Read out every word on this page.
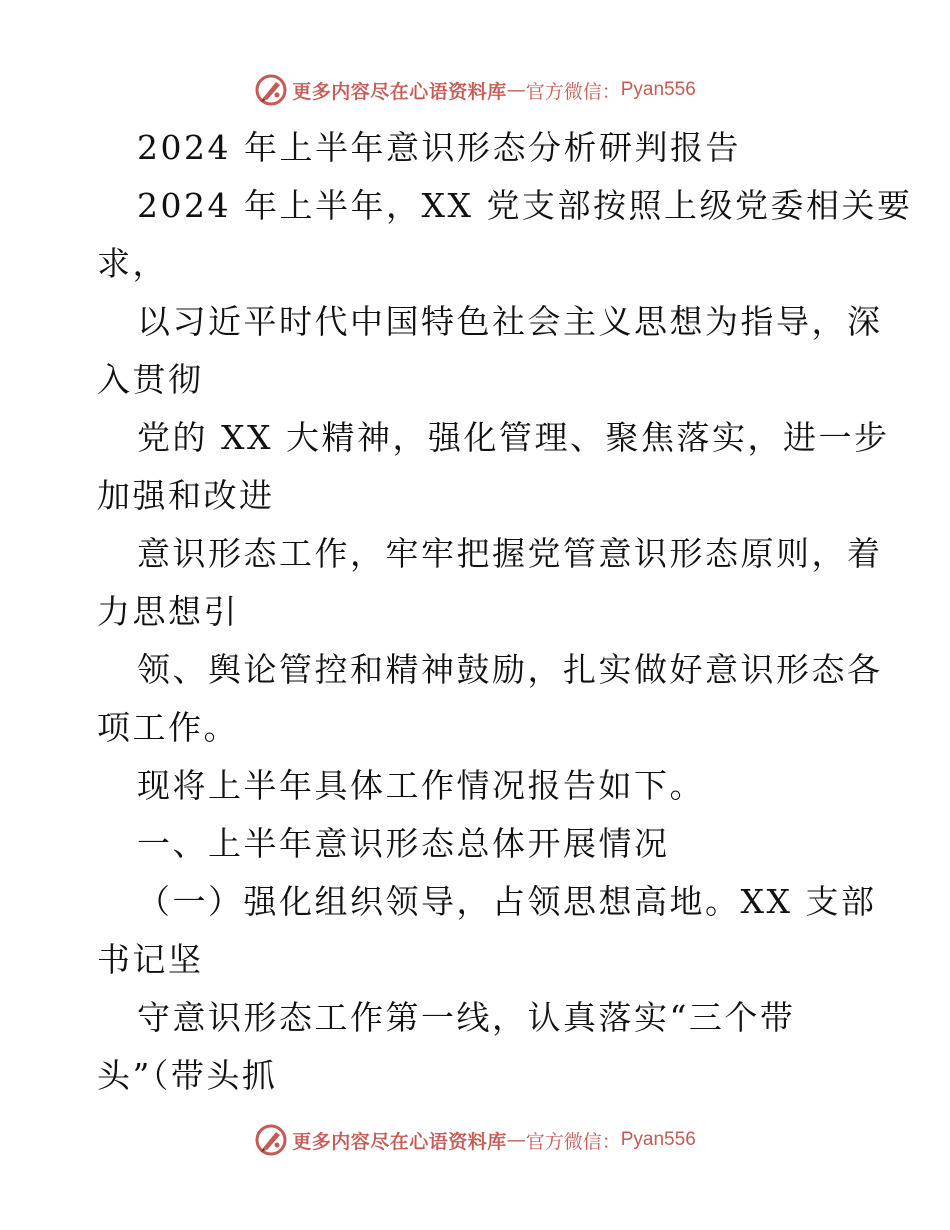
更多内容尽在心语资料库 — 官方微信： Pyan556
2024 年上半年意识形态分析研判报告
2024 年上半年，XX 党支部按照上级党委相关要
求，
以习近平时代中国特色社会主义思想为指导，深
入贯彻
党的 XX 大精神，强化管理、聚焦落实，进一步
加强和改进
意识形态工作，牢牢把握党管意识形态原则，着
力思想引
领、舆论管控和精神鼓励，扎实做好意识形态各
项工作。
现将上半年具体工作情况报告如下。
一、上半年意识形态总体开展情况
（一）强化组织领导，占领思想高地。XX 支部
书记坚
守意识形态工作第一线，认真落实“三个带
头”（带头抓
更多内容尽在心语资料库 — 官方微信： Pyan556
